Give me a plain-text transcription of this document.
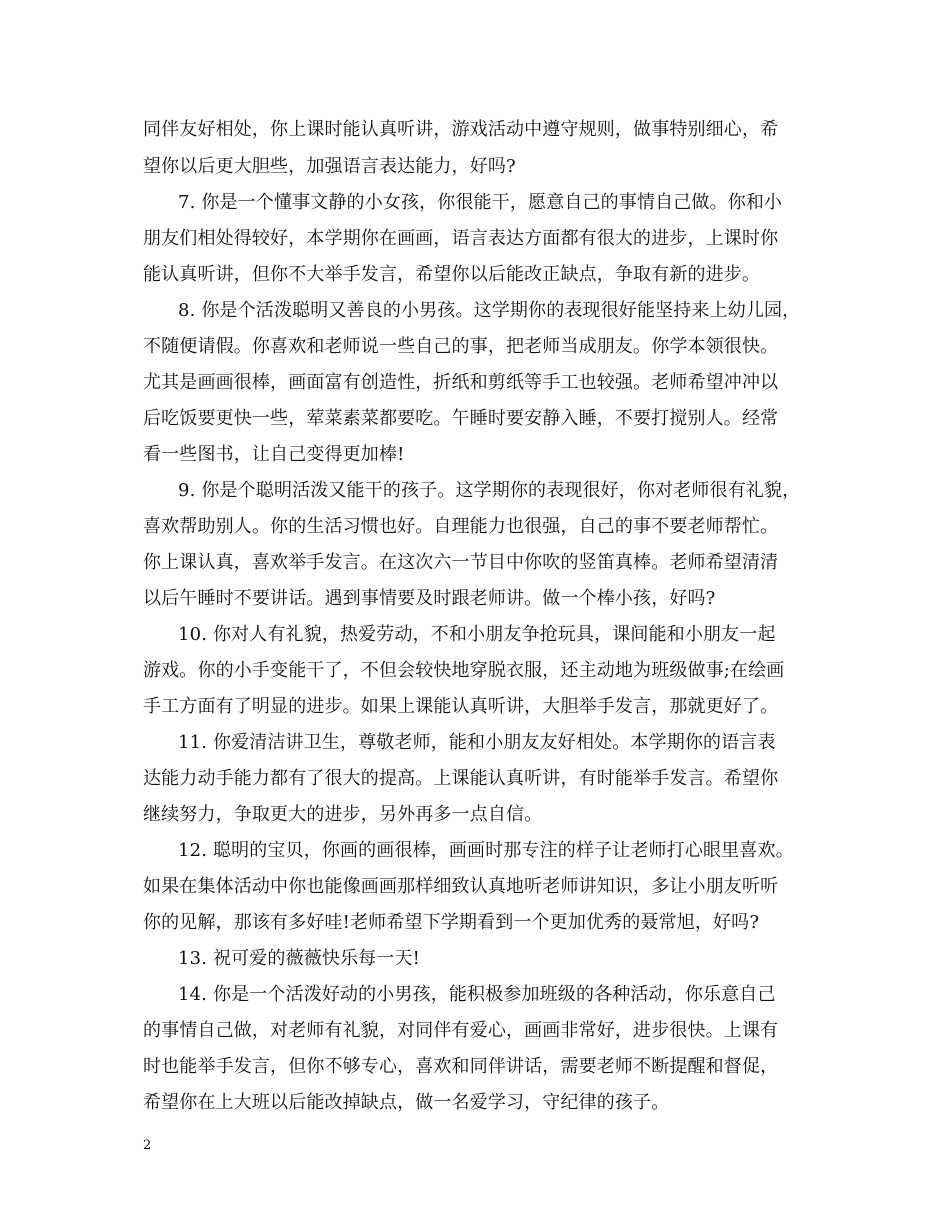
同伴友好相处，你上课时能认真听讲，游戏活动中遵守规则，做事特别细心，希
望你以后更大胆些，加强语言表达能力，好吗?
7. 你是一个懂事文静的小女孩，你很能干，愿意自己的事情自己做。你和小
朋友们相处得较好，本学期你在画画，语言表达方面都有很大的进步，上课时你
能认真听讲，但你不大举手发言，希望你以后能改正缺点，争取有新的进步。
8. 你是个活泼聪明又善良的小男孩。这学期你的表现很好能坚持来上幼儿园，
不随便请假。你喜欢和老师说一些自己的事，把老师当成朋友。你学本领很快。
尤其是画画很棒，画面富有创造性，折纸和剪纸等手工也较强。老师希望冲冲以
后吃饭要更快一些，荤菜素菜都要吃。午睡时要安静入睡，不要打搅别人。经常
看一些图书，让自己变得更加棒!
9. 你是个聪明活泼又能干的孩子。这学期你的表现很好，你对老师很有礼貌，
喜欢帮助别人。你的生活习惯也好。自理能力也很强，自己的事不要老师帮忙。
你上课认真，喜欢举手发言。在这次六一节目中你吹的竖笛真棒。老师希望清清
以后午睡时不要讲话。遇到事情要及时跟老师讲。做一个棒小孩，好吗?
10. 你对人有礼貌，热爱劳动，不和小朋友争抢玩具，课间能和小朋友一起
游戏。你的小手变能干了，不但会较快地穿脱衣服，还主动地为班级做事;在绘画
手工方面有了明显的进步。如果上课能认真听讲，大胆举手发言，那就更好了。
11. 你爱清洁讲卫生，尊敬老师，能和小朋友友好相处。本学期你的语言表
达能力动手能力都有了很大的提高。上课能认真听讲，有时能举手发言。希望你
继续努力，争取更大的进步，另外再多一点自信。
12. 聪明的宝贝，你画的画很棒，画画时那专注的样子让老师打心眼里喜欢。
如果在集体活动中你也能像画画那样细致认真地听老师讲知识，多让小朋友听听
你的见解，那该有多好哇!老师希望下学期看到一个更加优秀的聂常旭，好吗?
13. 祝可爱的薇薇快乐每一天!
14. 你是一个活泼好动的小男孩，能积极参加班级的各种活动，你乐意自己
的事情自己做，对老师有礼貌，对同伴有爱心，画画非常好，进步很快。上课有
时也能举手发言，但你不够专心，喜欢和同伴讲话，需要老师不断提醒和督促，
希望你在上大班以后能改掉缺点，做一名爱学习，守纪律的孩子。
2
